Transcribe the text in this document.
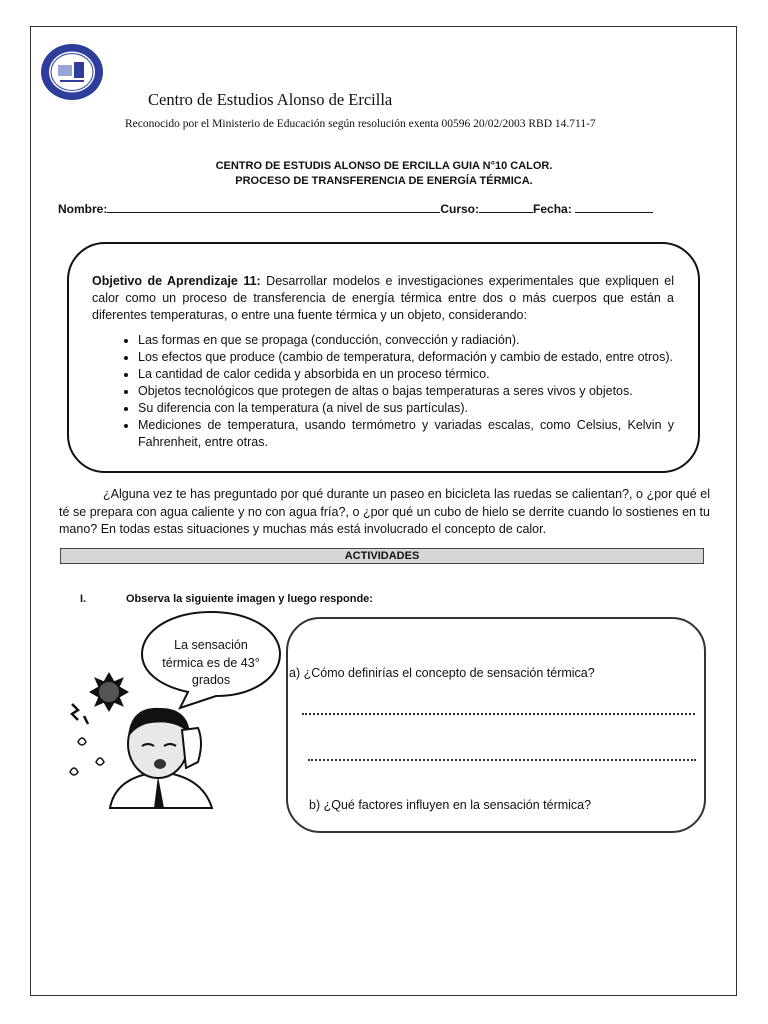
Centro de Estudios Alonso de Ercilla
Reconocido por el Ministerio de Educación según resolución exenta 00596 20/02/2003 RBD 14.711-7
CENTRO DE ESTUDIS ALONSO DE ERCILLA GUIA N°10 CALOR.
PROCESO DE TRANSFERENCIA DE ENERGÍA TÉRMICA.
Nombre:	Curso:	Fecha:
Objetivo de Aprendizaje 11: Desarrollar modelos e investigaciones experimentales que expliquen el calor como un proceso de transferencia de energía térmica entre dos o más cuerpos que están a diferentes temperaturas, o entre una fuente térmica y un objeto, considerando:
• Las formas en que se propaga (conducción, convección y radiación).
• Los efectos que produce (cambio de temperatura, deformación y cambio de estado, entre otros).
• La cantidad de calor cedida y absorbida en un proceso térmico.
• Objetos tecnológicos que protegen de altas o bajas temperaturas a seres vivos y objetos.
• Su diferencia con la temperatura (a nivel de sus partículas).
• Mediciones de temperatura, usando termómetro y variadas escalas, como Celsius, Kelvin y Fahrenheit, entre otras.
¿Alguna vez te has preguntado por qué durante un paseo en bicicleta las ruedas se calientan?, o ¿por qué el té se prepara con agua caliente y no con agua fría?, o ¿por qué un cubo de hielo se derrite cuando lo sostienes en tu mano? En todas estas situaciones y muchas más está involucrado el concepto de calor.
ACTIVIDADES
I.	Observa la siguiente imagen y luego responde:
La sensación térmica es de 43° grados	a) ¿Cómo definirías el concepto de sensación térmica?
b) ¿Qué factores influyen en la sensación térmica?
